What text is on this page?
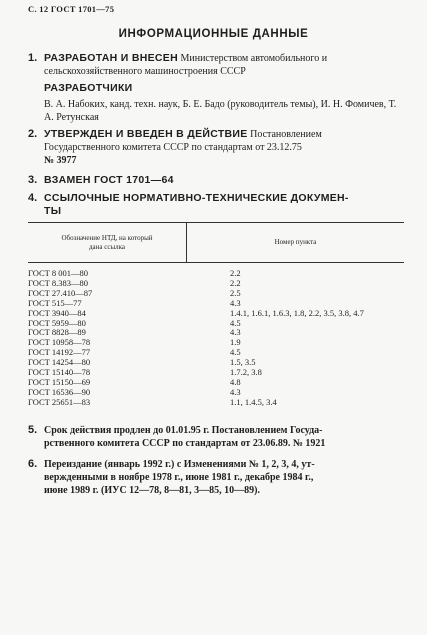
С. 12 ГОСТ 1701—75
ИНФОРМАЦИОННЫЕ ДАННЫЕ
1. РАЗРАБОТАН И ВНЕСЕН Министерством автомобильного и
сельскохозяйственного машиностроения СССР
РАЗРАБОТЧИКИ
В. А. Набоких, канд. техн. наук, Б. Е. Бадо (руководитель темы), И. Н. Фомичев, Т. А. Ретунская
2. УТВЕРЖДЕН И ВВЕДЕН В ДЕЙСТВИЕ Постановлением
Государственного комитета СССР по стандартам от 23.12.75
№ 3977
3. ВЗАМЕН ГОСТ 1701—64
4. ССЫЛОЧНЫЕ НОРМАТИВНО-ТЕХНИЧЕСКИЕ ДОКУМЕН-
ТЫ
Обозначение НТД, на который
дана ссылка
Номер пункта
ГОСТ 8 001—80	2.2
ГОСТ 8.383—80	2.2
ГОСТ 27.410—87	2.5
ГОСТ 515—77	4.3
ГОСТ 3940—84	1.4.1, 1.6.1, 1.6.3, 1.8, 2.2, 3.5, 3.8, 4.7
ГОСТ 5959—80	4.5
ГОСТ 8828—89	4.3
ГОСТ 10958—78	1.9
ГОСТ 14192—77	4.5
ГОСТ 14254—80	1.5, 3.5
ГОСТ 15140—78	1.7.2, 3.8
ГОСТ 15150—69	4.8
ГОСТ 16536—90	4.3
ГОСТ 25651—83	1.1, 1.4.5, 3.4
5. Срок действия продлен до 01.01.95 г. Постановлением Госуда-
рственного комитета СССР по стандартам от 23.06.89. № 1921
6. Переиздание (январь 1992 г.) с Изменениями № 1, 2, 3, 4, ут-
вержденными в ноябре 1978 г., июне 1981 г., декабре 1984 г.,
июне 1989 г. (ИУС 12—78, 8—81, 3—85, 10—89).
